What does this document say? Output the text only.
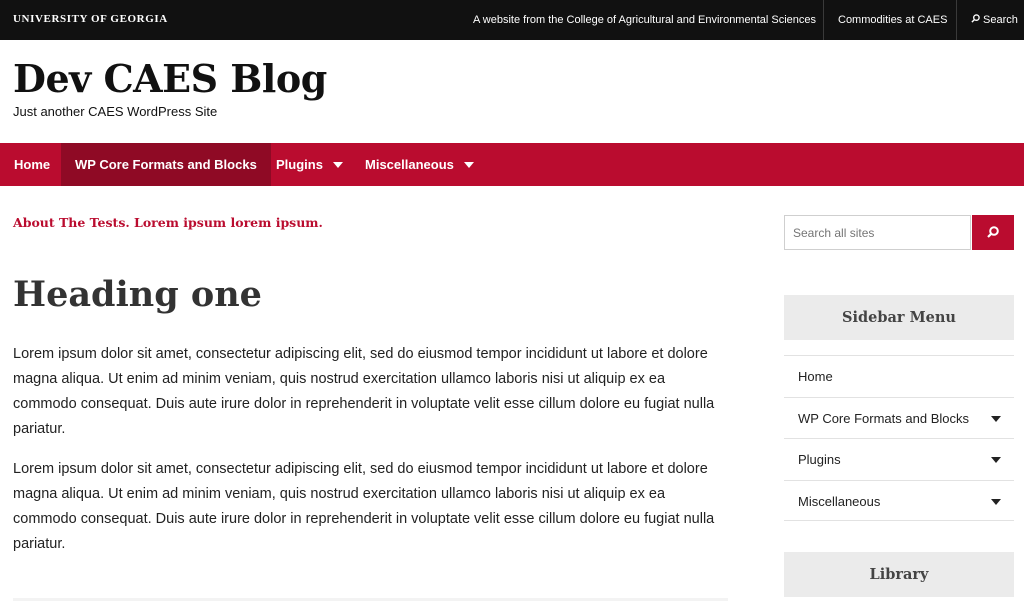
UNIVERSITY OF GEORGIA	A website from the College of Agricultural and Environmental Sciences Commodities at CAES	Search
Dev CAES Blog
Just another CAES WordPress Site
Home	WP Core Formats and Blocks	Plugins	Miscellaneous
About The Tests. Lorem ipsum lorem ipsum.
Heading one

Lorem ipsum dolor sit amet, consectetur adipiscing elit, sed do eiusmod tempor incididunt ut labore et dolore magna aliqua. Ut enim ad minim veniam, quis nostrud exercitation ullamco laboris nisi ut aliquip ex ea commodo consequat. Duis aute irure dolor in reprehenderit in voluptate velit esse cillum dolore eu fugiat nulla pariatur.

Lorem ipsum dolor sit amet, consectetur adipiscing elit, sed do eiusmod tempor incididunt ut labore et dolore magna aliqua. Ut enim ad minim veniam, quis nostrud exercitation ullamco laboris nisi ut aliquip ex ea commodo consequat. Duis aute irure dolor in reprehenderit in voluptate velit esse cillum dolore eu fugiat nulla pariatur.

Search all sites
Sidebar Menu
Home
WP Core Formats and Blocks
Plugins
Miscellaneous
Library
